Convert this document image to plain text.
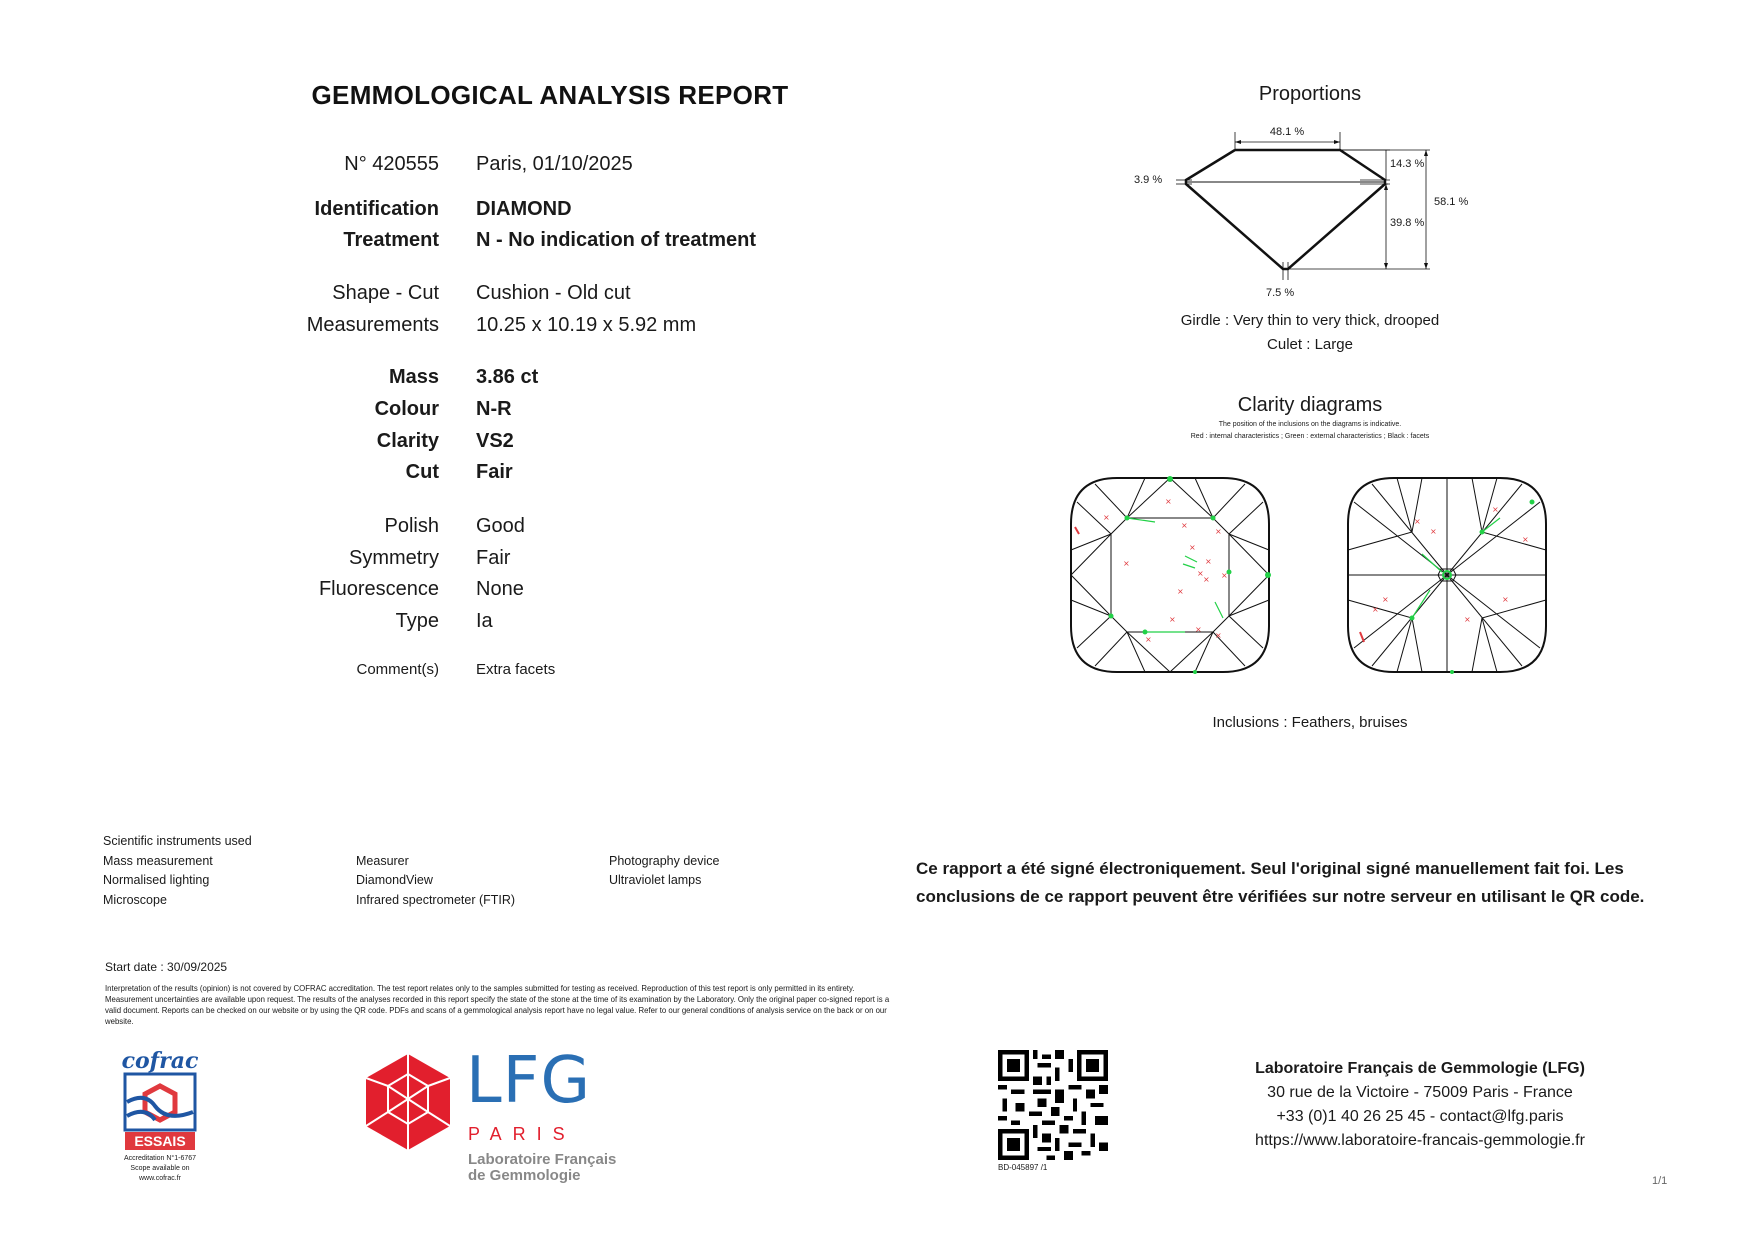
GEMMOLOGICAL ANALYSIS REPORT
N° 420555 Paris, 01/10/2025
Identification DIAMOND
Treatment N - No indication of treatment
Shape - Cut Cushion - Old cut
Measurements 10.25 x 10.19 x 5.92 mm
Mass 3.86 ct
Colour N-R
Clarity VS2
Cut Fair
Polish Good
Symmetry Fair
Fluorescence None
Type Ia
Comment(s) Extra facets
Proportions
48.1 %
14.3 %
58.1 %
3.9 %
39.8 %
7.5 %
Girdle : Very thin to very thick, drooped
Culet : Large
Clarity diagrams
The position of the inclusions on the diagrams is indicative.
Red : internal characteristics ; Green : external characteristics ; Black : facets
×
×
×
×
×
×
×
×
×
×
×
×	×
×
×
×
×
×
×
×
×
×
×
Inclusions : Feathers, bruises
Scientific instruments used
Mass measurement
Normalised lighting
Microscope
Measurer
DiamondView
Infrared spectrometer (FTIR)
Photography device
Ultraviolet lamps
Ce rapport a été signé électroniquement. Seul l'original signé manuellement fait foi. Les conclusions de ce rapport peuvent être vérifiées sur notre serveur en utilisant le QR code.
Start date : 30/09/2025
Interpretation of the results (opinion) is not covered by COFRAC accreditation. The test report relates only to the samples submitted for testing as received. Reproduction of this test report is only permitted in its entirety. Measurement uncertainties are available upon request. The results of the analyses recorded in this report specify the state of the stone at the time of its examination by the Laboratory. Only the original paper co-signed report is a valid document. Reports can be checked on our website or by using the QR code. PDFs and scans of a gemmological analysis report have no legal value. Refer to our general conditions of analysis service on the back or on our website.
cofrac
ESSAIS
Accreditation N°1-6767
Scope available on
www.cofrac.fr
LFG
PARIS
Laboratoire Français
de Gemmologie	BD-045897 /1
Laboratoire Français de Gemmologie (LFG)
30 rue de la Victoire - 75009 Paris - France
+33 (0)1 40 26 25 45 - contact@lfg.paris
https://www.laboratoire-francais-gemmologie.fr
1/1
